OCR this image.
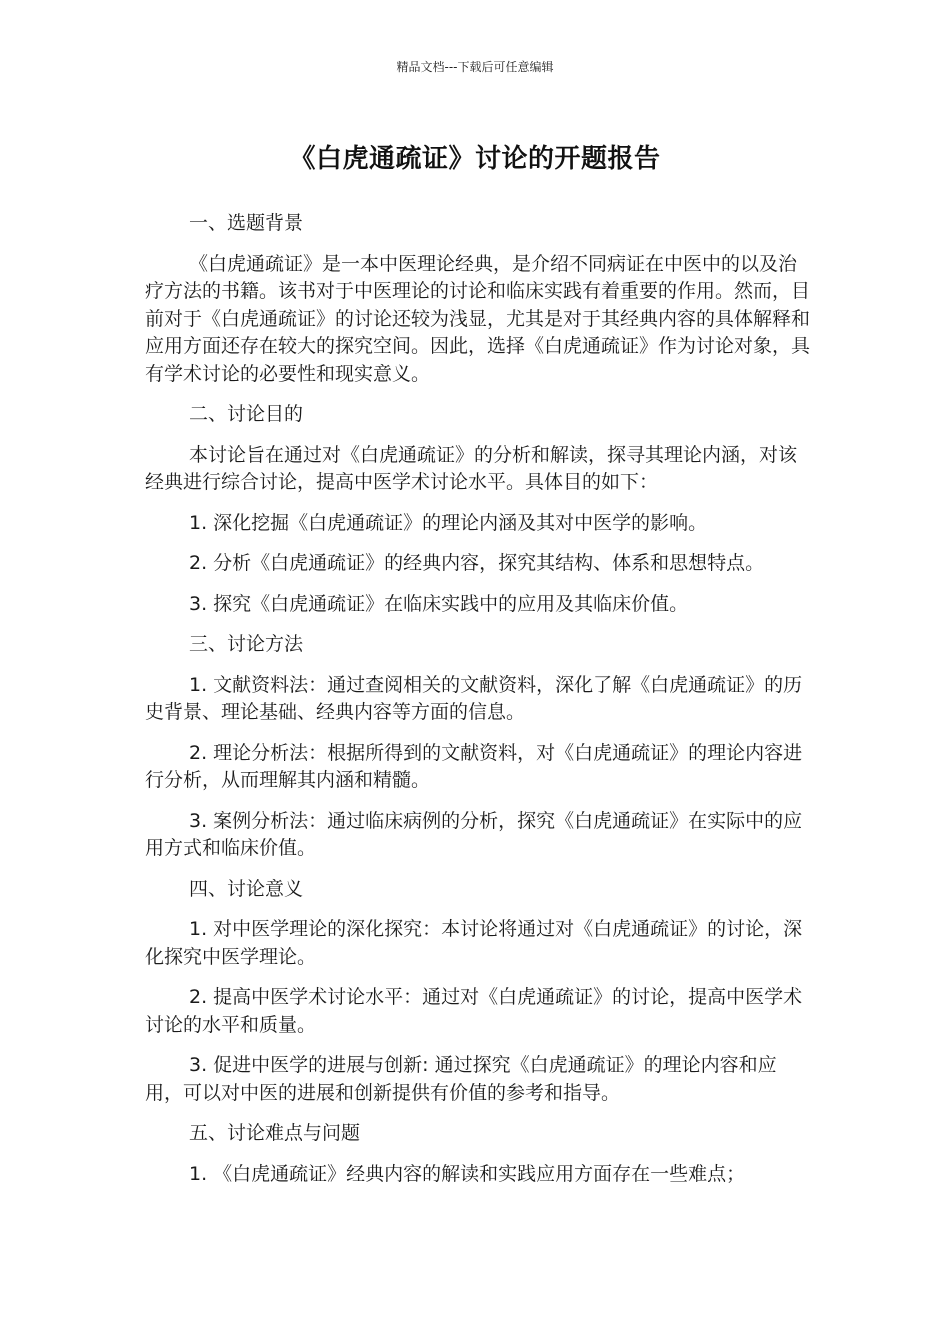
精品文档---下载后可任意编辑
《白虎通疏证》讨论的开题报告

一、选题背景

《白虎通疏证》是一本中医理论经典，是介绍不同病证在中医中的以及治疗方法的书籍。该书对于中医理论的讨论和临床实践有着重要的作用。然而，目前对于《白虎通疏证》的讨论还较为浅显，尤其是对于其经典内容的具体解释和应用方面还存在较大的探究空间。因此，选择《白虎通疏证》作为讨论对象，具有学术讨论的必要性和现实意义。

二、讨论目的

本讨论旨在通过对《白虎通疏证》的分析和解读，探寻其理论内涵，对该经典进行综合讨论，提高中医学术讨论水平。具体目的如下：

1. 深化挖掘《白虎通疏证》的理论内涵及其对中医学的影响。

2. 分析《白虎通疏证》的经典内容，探究其结构、体系和思想特点。

3. 探究《白虎通疏证》在临床实践中的应用及其临床价值。

三、讨论方法

1. 文献资料法：通过查阅相关的文献资料，深化了解《白虎通疏证》的历史背景、理论基础、经典内容等方面的信息。

2. 理论分析法：根据所得到的文献资料，对《白虎通疏证》的理论内容进行分析，从而理解其内涵和精髓。

3. 案例分析法：通过临床病例的分析，探究《白虎通疏证》在实际中的应用方式和临床价值。

四、讨论意义

1. 对中医学理论的深化探究：本讨论将通过对《白虎通疏证》的讨论，深化探究中医学理论。

2. 提高中医学术讨论水平：通过对《白虎通疏证》的讨论，提高中医学术讨论的水平和质量。

3. 促进中医学的进展与创新: 通过探究《白虎通疏证》的理论内容和应用，可以对中医的进展和创新提供有价值的参考和指导。

五、讨论难点与问题

1. 《白虎通疏证》经典内容的解读和实践应用方面存在一些难点；
